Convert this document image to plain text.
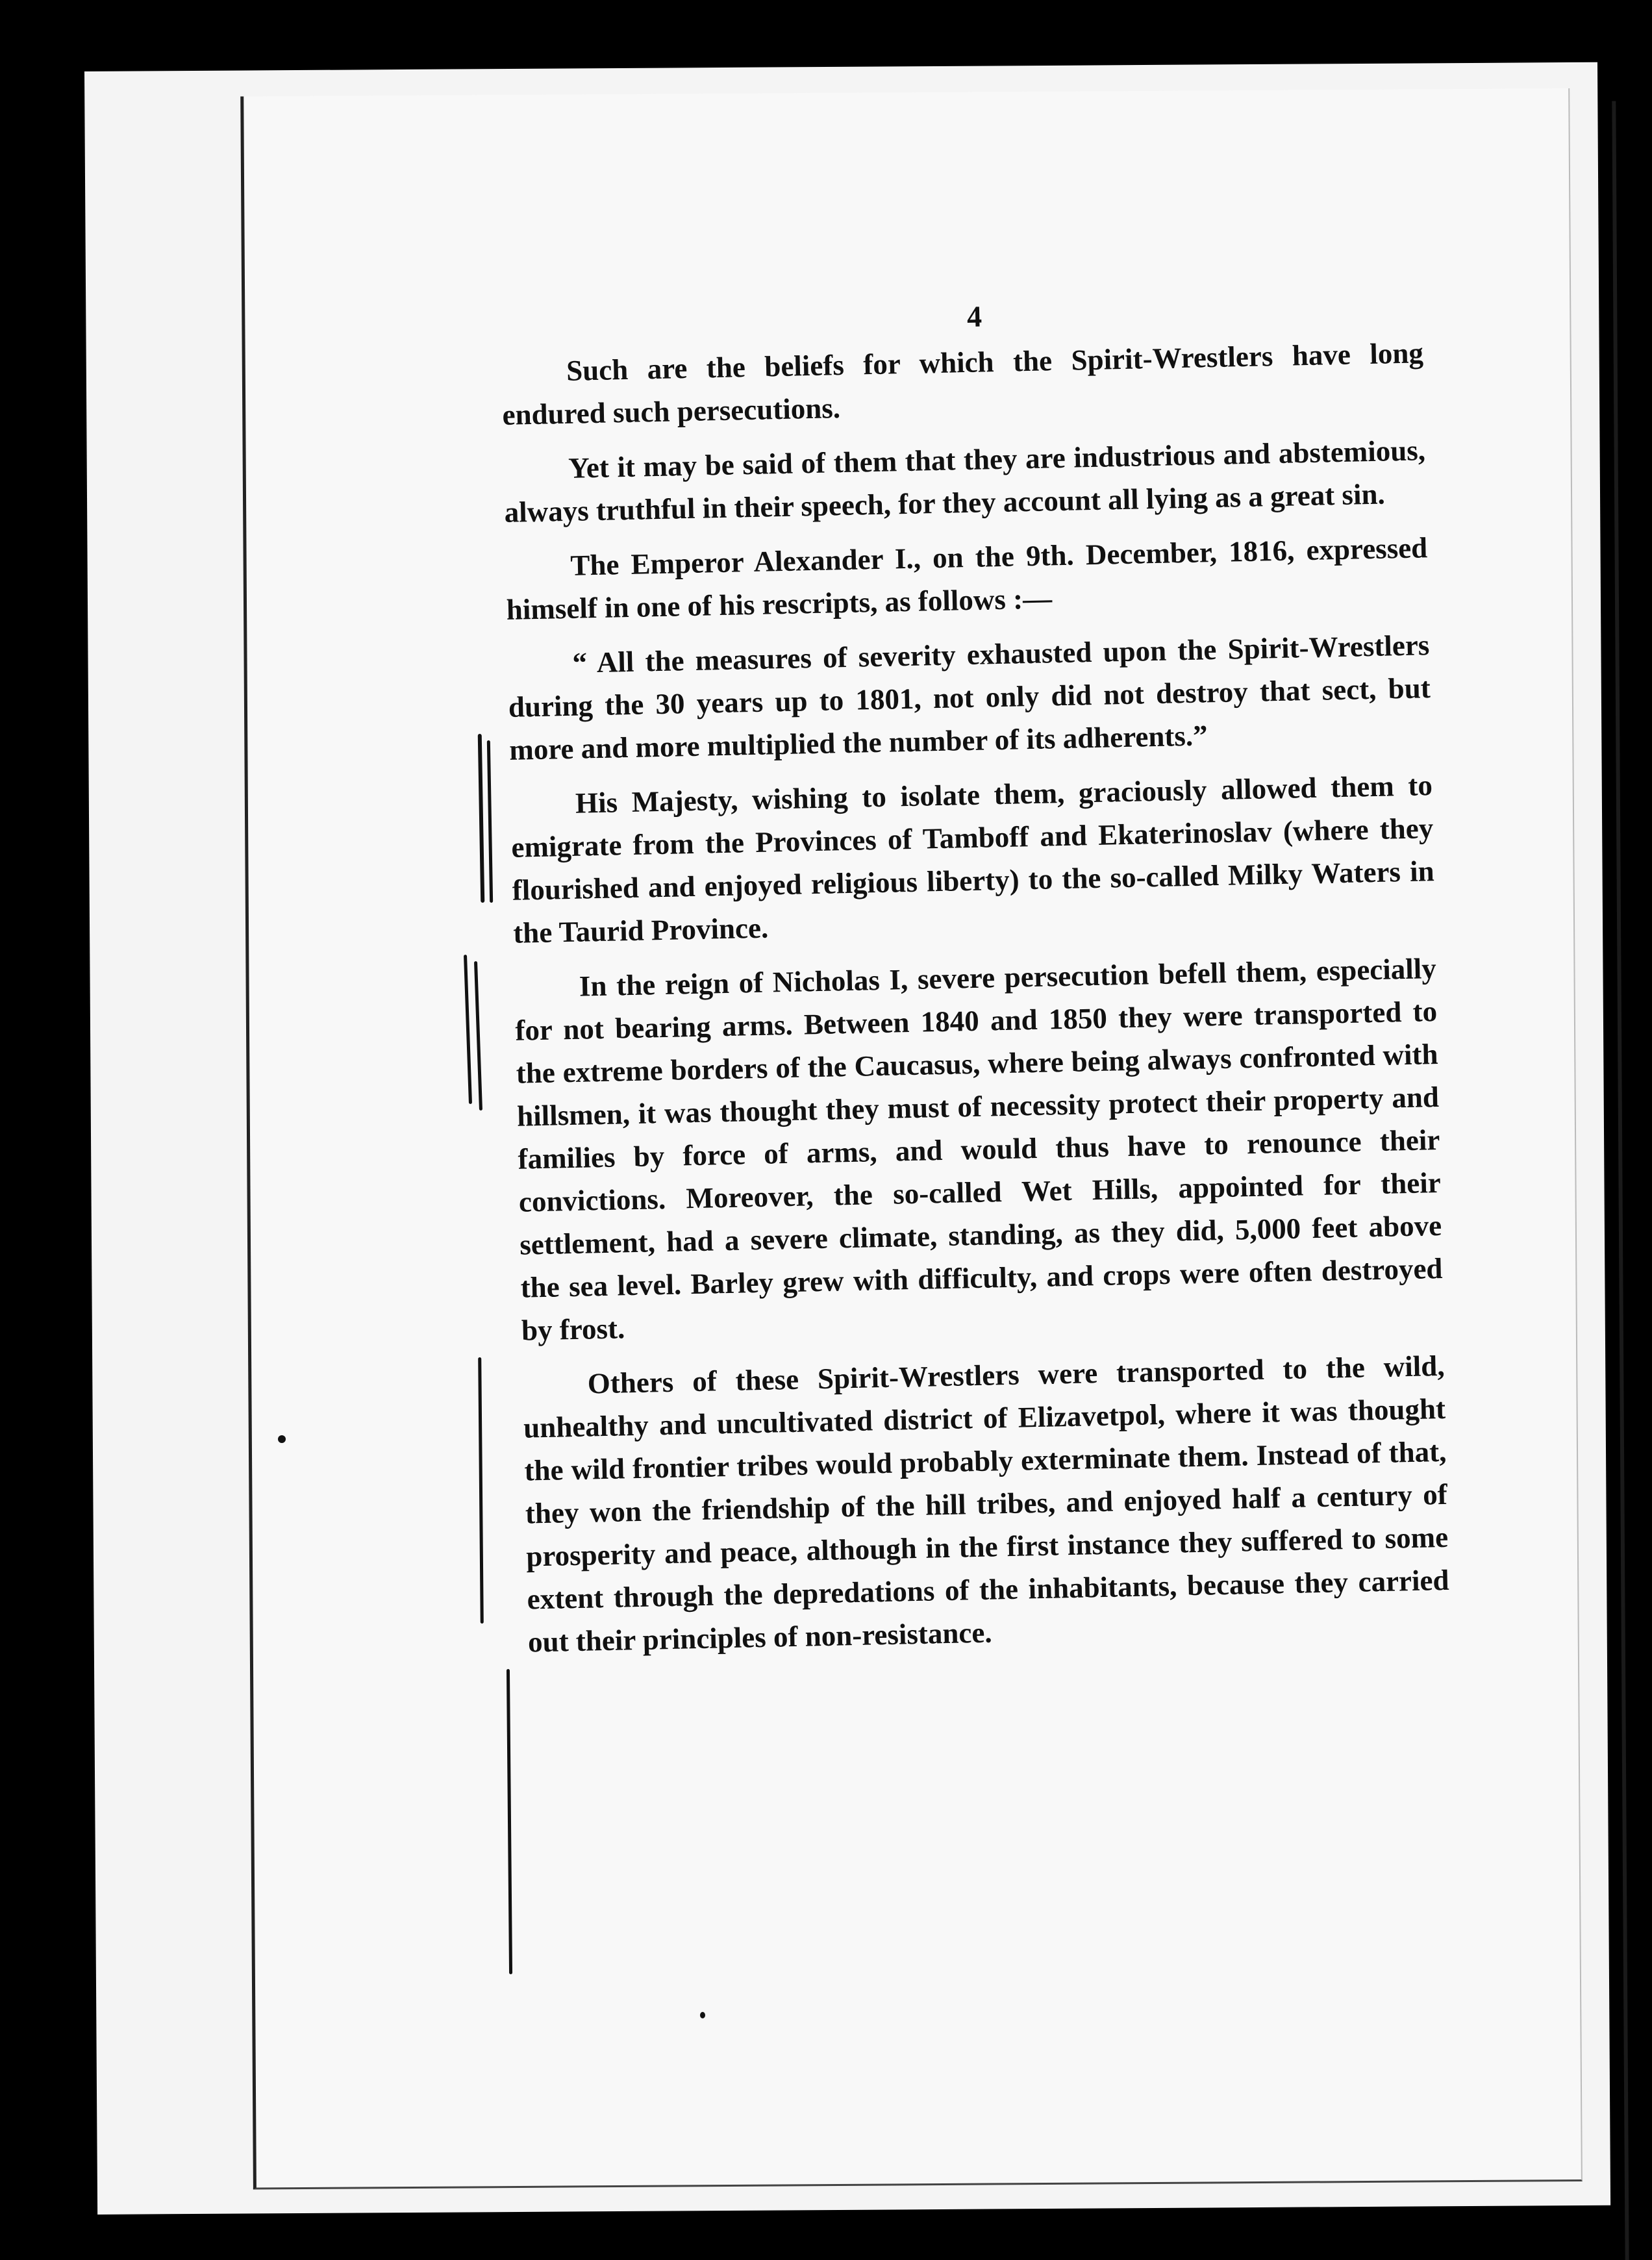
4

Such are the beliefs for which the Spirit-Wrestlers have long endured such persecutions.

Yet it may be said of them that they are industrious and abstemious, always truthful in their speech, for they account all lying as a great sin.

The Emperor Alexander I., on the 9th. December, 1816, expressed himself in one of his rescripts, as follows :—

“ All the measures of severity exhausted upon the Spirit-Wrestlers during the 30 years up to 1801, not only did not destroy that sect, but more and more multiplied the number of its adherents.”

His Majesty, wishing to isolate them, graciously allowed them to emigrate from the Provinces of Tamboff and Ekaterinoslav (where they flourished and enjoyed religious liberty) to the so-called Milky Waters in the Taurid Province.

In the reign of Nicholas I, severe persecution befell them, especially for not bearing arms. Between 1840 and 1850 they were transported to the extreme borders of the Caucasus, where being always confronted with hillsmen, it was thought they must of necessity protect their property and families by force of arms, and would thus have to renounce their convictions. Moreover, the so-called Wet Hills, appointed for their settlement, had a severe climate, standing, as they did, 5,000 feet above the sea level. Barley grew with difficulty, and crops were often destroyed by frost.

Others of these Spirit-Wrestlers were transported to the wild, unhealthy and uncultivated district of Elizavetpol, where it was thought the wild frontier tribes would probably exterminate them. Instead of that, they won the friendship of the hill tribes, and enjoyed half a century of prosperity and peace, although in the first instance they suffered to some extent through the depredations of the inhabitants, because they carried out their principles of non-resistance.
